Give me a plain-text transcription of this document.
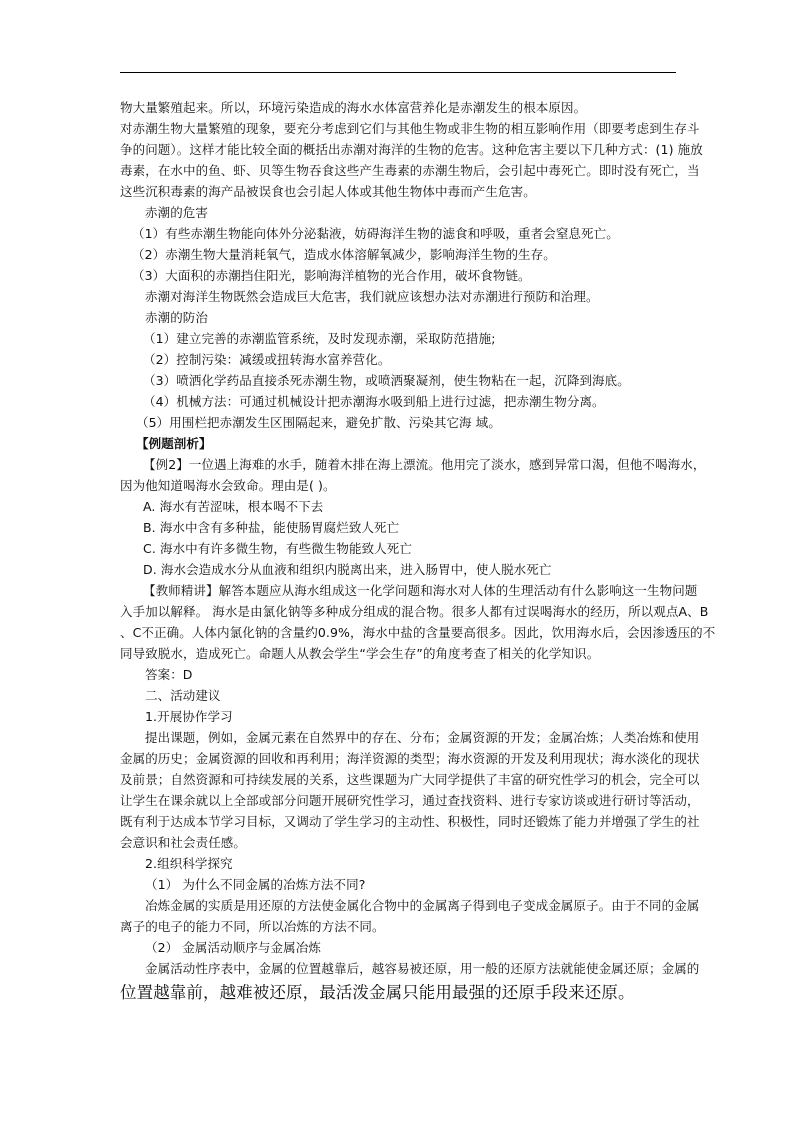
物大量繁殖起来。所以，环境污染造成的海水水体富营养化是赤潮发生的根本原因。
对赤潮生物大量繁殖的现象，要充分考虑到它们与其他生物或非生物的相互影响作用（即要考虑到生存斗
争的问题）。这样才能比较全面的概括出赤潮对海洋的生物的危害。这种危害主要以下几种方式：(1) 施放
毒素，在水中的鱼、虾、贝等生物吞食这些产生毒素的赤潮生物后，会引起中毒死亡。即时没有死亡，当
这些沉积毒素的海产品被误食也会引起人体或其他生物体中毒而产生危害。
赤潮的危害
（1）有些赤潮生物能向体外分泌黏液，妨碍海洋生物的滤食和呼吸，重者会窒息死亡。
（2）赤潮生物大量消耗氧气，造成水体溶解氧减少，影响海洋生物的生存。
（3）大面积的赤潮挡住阳光，影响海洋植物的光合作用，破坏食物链。
赤潮对海洋生物既然会造成巨大危害，我们就应该想办法对赤潮进行预防和治理。
赤潮的防治
（1）建立完善的赤潮监管系统，及时发现赤潮，采取防范措施;
（2）控制污染：减缓或扭转海水富养营化。
（3）喷洒化学药品直接杀死赤潮生物，或喷洒聚凝剂，使生物粘在一起，沉降到海底。
（4）机械方法：可通过机械设计把赤潮海水吸到船上进行过滤，把赤潮生物分离。
（5）用围栏把赤潮发生区围隔起来，避免扩散、污染其它海 域。
【例题剖析】
【例2】一位遇上海难的水手，随着木排在海上漂流。他用完了淡水，感到异常口渴，但他不喝海水，
因为他知道喝海水会致命。理由是( )。
A. 海水有苦涩味，根本喝不下去
B. 海水中含有多种盐，能使肠胃腐烂致人死亡
C. 海水中有许多微生物，有些微生物能致人死亡
D. 海水会造成水分从血液和组织内脱离出来，进入肠胃中，使人脱水死亡
【教师精讲】解答本题应从海水组成这一化学问题和海水对人体的生理活动有什么影响这一生物问题
入手加以解释。 海水是由氯化钠等多种成分组成的混合物。很多人都有过误喝海水的经历，所以观点A、B
、C不正确。人体内氯化钠的含量约0.9%，海水中盐的含量要高很多。因此，饮用海水后，会因渗透压的不
同导致脱水，造成死亡。命题人从教会学生“学会生存”的角度考查了相关的化学知识。
答案：D
二、活动建议
1.开展协作学习
提出课题，例如，金属元素在自然界中的存在、分布；金属资源的开发；金属冶炼；人类冶炼和使用
金属的历史；金属资源的回收和再利用；海洋资源的类型；海水资源的开发及利用现状；海水淡化的现状
及前景；自然资源和可持续发展的关系，这些课题为广大同学提供了丰富的研究性学习的机会，完全可以
让学生在课余就以上全部或部分问题开展研究性学习，通过查找资料、进行专家访谈或进行研讨等活动，
既有利于达成本节学习目标，又调动了学生学习的主动性、积极性，同时还锻炼了能力并增强了学生的社
会意识和社会责任感。
2.组织科学探究
（1） 为什么不同金属的冶炼方法不同?
冶炼金属的实质是用还原的方法使金属化合物中的金属离子得到电子变成金属原子。由于不同的金属
离子的电子的能力不同，所以冶炼的方法不同。
（2） 金属活动顺序与金属冶炼
金属活动性序表中，金属的位置越靠后，越容易被还原，用一般的还原方法就能使金属还原；金属的
位置越靠前，越难被还原，最活泼金属只能用最强的还原手段来还原。
